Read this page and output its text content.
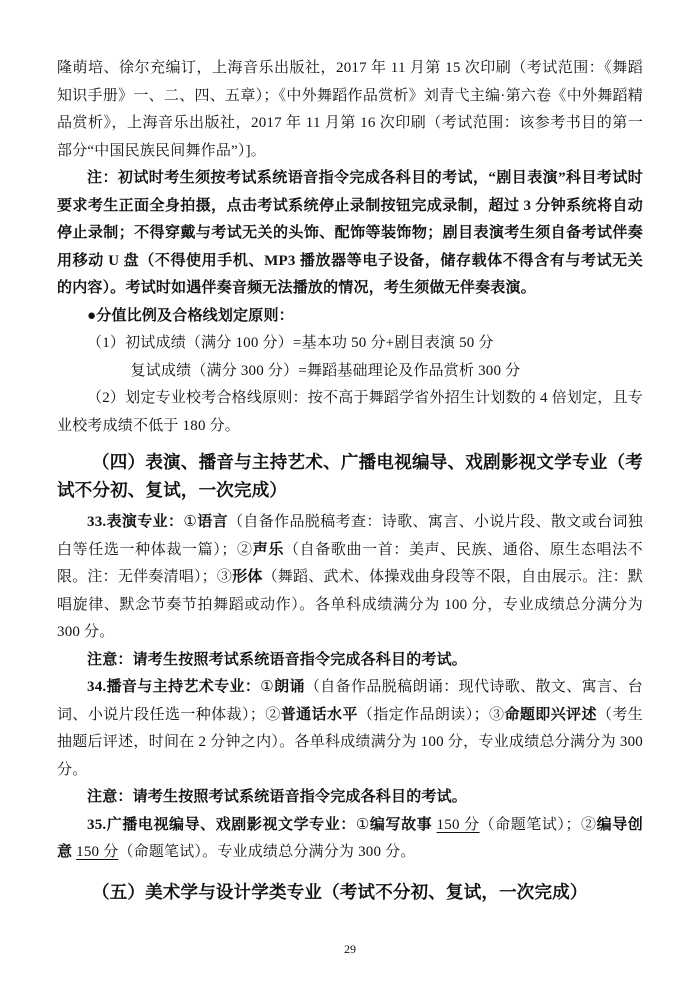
隆萌培、徐尔充编订，上海音乐出版社，2017 年 11 月第 15 次印刷（考试范围：《舞蹈知识手册》一、二、四、五章）；《中外舞蹈作品赏析》刘青弋主编·第六卷《中外舞蹈精品赏析》，上海音乐出版社，2017 年 11 月第 16 次印刷（考试范围：该参考书目的第一部分“中国民族民间舞作品”）]。

注：初试时考生须按考试系统语音指令完成各科目的考试，“剧目表演”科目考试时要求考生正面全身拍摄，点击考试系统停止录制按钮完成录制，超过 3 分钟系统将自动停止录制；不得穿戴与考试无关的头饰、配饰等装饰物；剧目表演考生须自备考试伴奏用移动 U 盘（不得使用手机、MP3 播放器等电子设备，储存载体不得含有与考试无关的内容）。考试时如遇伴奏音频无法播放的情况，考生须做无伴奏表演。

●分值比例及合格线划定原则：

（1）初试成绩（满分 100 分）=基本功 50 分+剧目表演 50 分

复试成绩（满分 300 分）=舞蹈基础理论及作品赏析 300 分

（2）划定专业校考合格线原则：按不高于舞蹈学省外招生计划数的 4 倍划定，且专业校考成绩不低于 180 分。

（四）表演、播音与主持艺术、广播电视编导、戏剧影视文学专业（考试不分初、复试，一次完成）

33.表演专业：①语言（自备作品脱稿考查：诗歌、寓言、小说片段、散文或台词独白等任选一种体裁一篇）；②声乐（自备歌曲一首：美声、民族、通俗、原生态唱法不限。注：无伴奏清唱）；③形体（舞蹈、武术、体操戏曲身段等不限，自由展示。注：默唱旋律、默念节奏节拍舞蹈或动作）。各单科成绩满分为 100 分，专业成绩总分满分为 300 分。

注意：请考生按照考试系统语音指令完成各科目的考试。

34.播音与主持艺术专业：①朗诵（自备作品脱稿朗诵：现代诗歌、散文、寓言、台词、小说片段任选一种体裁）；②普通话水平（指定作品朗读）；③命题即兴评述（考生抽题后评述，时间在 2 分钟之内）。各单科成绩满分为 100 分，专业成绩总分满分为 300 分。

注意：请考生按照考试系统语音指令完成各科目的考试。

35.广播电视编导、戏剧影视文学专业：①编写故事 150 分（命题笔试）；②编导创意 150 分（命题笔试）。专业成绩总分满分为 300 分。

（五）美术学与设计学类专业（考试不分初、复试，一次完成）

29
